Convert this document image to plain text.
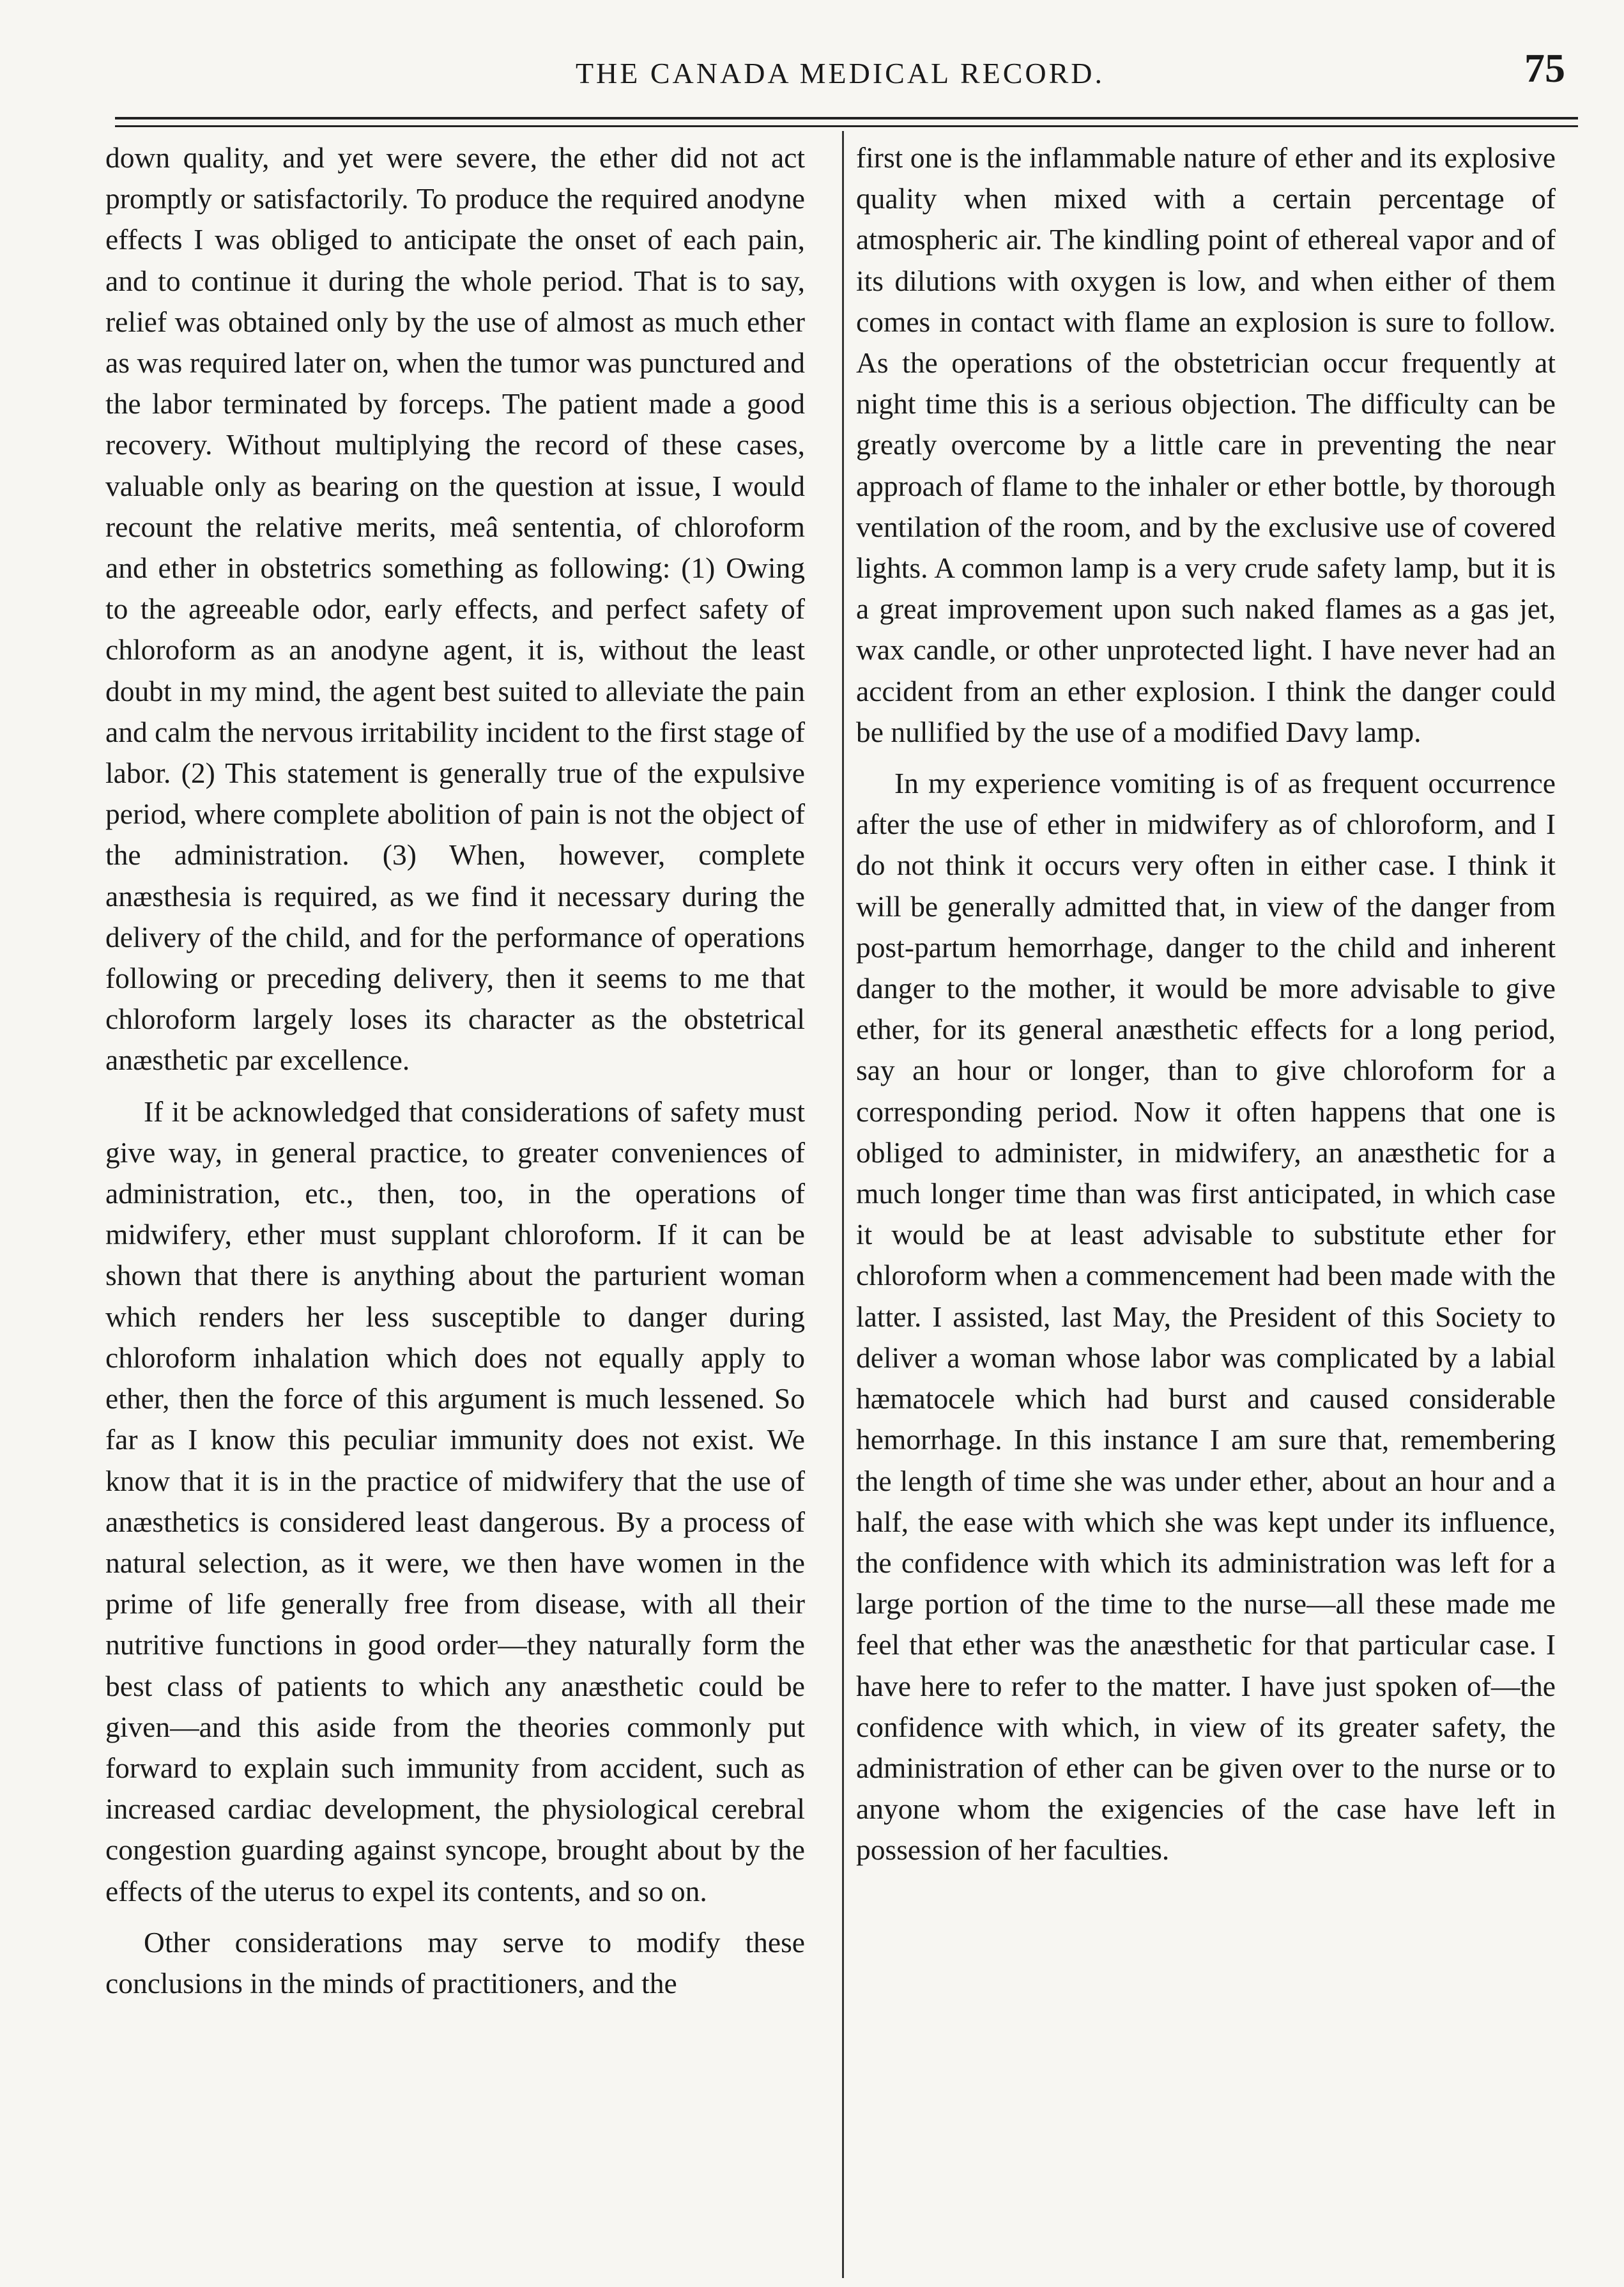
THE CANADA MEDICAL RECORD.	75

down quality, and yet were severe, the ether did not act promptly or satisfactorily. To produce the required anodyne effects I was obliged to anticipate the onset of each pain, and to continue it during the whole period. That is to say, relief was obtained only by the use of almost as much ether as was required later on, when the tumor was punctured and the labor terminated by forceps. The patient made a good recovery. Without multiplying the record of these cases, valuable only as bearing on the question at issue, I would recount the relative merits, meâ sententia, of chloroform and ether in obstetrics something as following: (1) Owing to the agreeable odor, early effects, and perfect safety of chloroform as an anodyne agent, it is, without the least doubt in my mind, the agent best suited to alleviate the pain and calm the nervous irritability incident to the first stage of labor. (2) This statement is generally true of the expulsive period, where complete abolition of pain is not the object of the administration. (3) When, however, complete anæsthesia is required, as we find it necessary during the delivery of the child, and for the performance of operations following or preceding delivery, then it seems to me that chloroform largely loses its character as the obstetrical anæsthetic par excellence.

If it be acknowledged that considerations of safety must give way, in general practice, to greater conveniences of administration, etc., then, too, in the operations of midwifery, ether must supplant chloroform. If it can be shown that there is anything about the parturient woman which renders her less susceptible to danger during chloroform inhalation which does not equally apply to ether, then the force of this argument is much lessened. So far as I know this peculiar immunity does not exist. We know that it is in the practice of midwifery that the use of anæsthetics is considered least dangerous. By a process of natural selection, as it were, we then have women in the prime of life generally free from disease, with all their nutritive functions in good order—they naturally form the best class of patients to which any anæsthetic could be given—and this aside from the theories commonly put forward to explain such immunity from accident, such as increased cardiac development, the physiological cerebral congestion guarding against syncope, brought about by the effects of the uterus to expel its contents, and so on.

Other considerations may serve to modify these conclusions in the minds of practitioners, and the

first one is the inflammable nature of ether and its explosive quality when mixed with a certain percentage of atmospheric air. The kindling point of ethereal vapor and of its dilutions with oxygen is low, and when either of them comes in contact with flame an explosion is sure to follow. As the operations of the obstetrician occur frequently at night time this is a serious objection. The difficulty can be greatly overcome by a little care in preventing the near approach of flame to the inhaler or ether bottle, by thorough ventilation of the room, and by the exclusive use of covered lights. A common lamp is a very crude safety lamp, but it is a great improvement upon such naked flames as a gas jet, wax candle, or other unprotected light. I have never had an accident from an ether explosion. I think the danger could be nullified by the use of a modified Davy lamp.

In my experience vomiting is of as frequent occurrence after the use of ether in midwifery as of chloroform, and I do not think it occurs very often in either case. I think it will be generally admitted that, in view of the danger from post-partum hemorrhage, danger to the child and inherent danger to the mother, it would be more advisable to give ether, for its general anæsthetic effects for a long period, say an hour or longer, than to give chloroform for a corresponding period. Now it often happens that one is obliged to administer, in midwifery, an anæsthetic for a much longer time than was first anticipated, in which case it would be at least advisable to substitute ether for chloroform when a commencement had been made with the latter. I assisted, last May, the President of this Society to deliver a woman whose labor was complicated by a labial hæmatocele which had burst and caused considerable hemorrhage. In this instance I am sure that, remembering the length of time she was under ether, about an hour and a half, the ease with which she was kept under its influence, the confidence with which its administration was left for a large portion of the time to the nurse—all these made me feel that ether was the anæsthetic for that particular case. I have here to refer to the matter. I have just spoken of—the confidence with which, in view of its greater safety, the administration of ether can be given over to the nurse or to anyone whom the exigencies of the case have left in possession of her faculties.
